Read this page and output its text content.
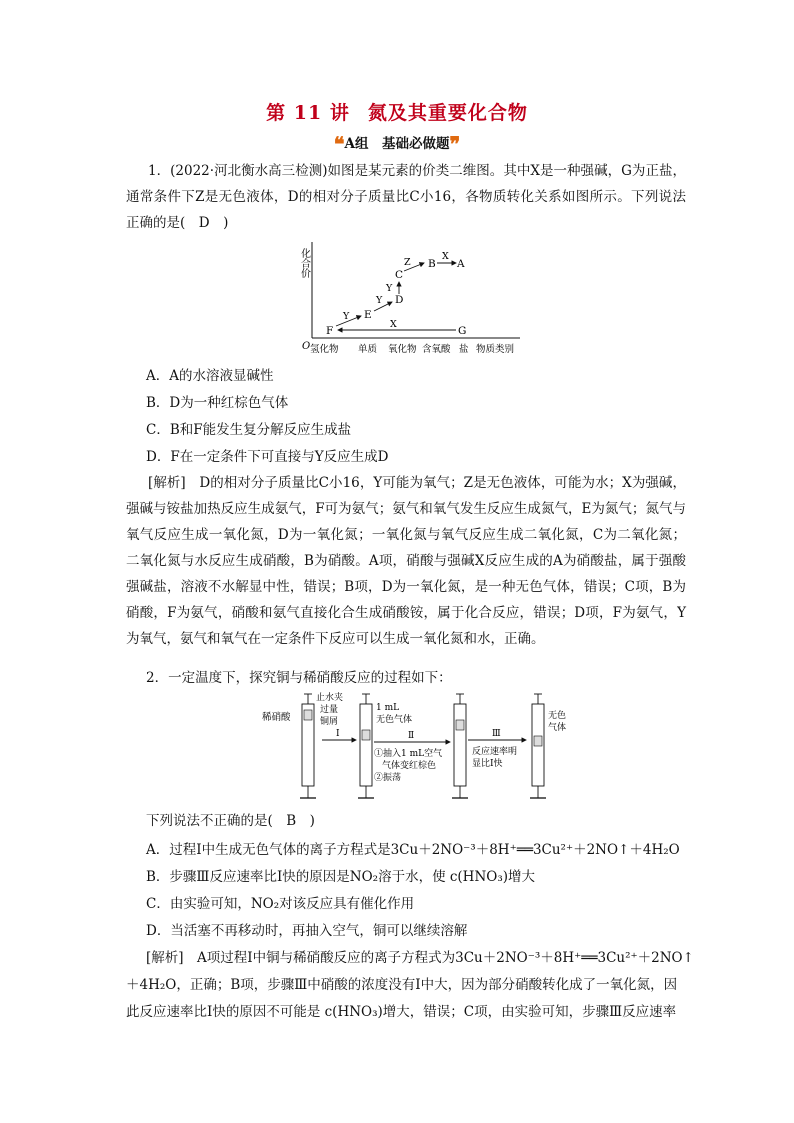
第 11 讲 氮及其重要化合物
❝A组　基础必做题❞
1．(2022·河北衡水高三检测)如图是某元素的价类二维图。其中X是一种强碱，G为正盐，通常条件下Z是无色液体，D的相对分子质量比C小16，各物质转化关系如图所示。下列说法正确的是(　D　)
化合价
O 氢化物 单质 氧化物 含氧酸 盐 物质类别
F
E
D
C
B A
G
Y
Y
Y
Z
X
X
A．A的水溶液显碱性
B．D为一种红棕色气体
C．B和F能发生复分解反应生成盐
D．F在一定条件下可直接与Y反应生成D
[解析]　D的相对分子质量比C小16，Y可能为氧气；Z是无色液体，可能为水；X为强碱，强碱与铵盐加热反应生成氨气，F可为氨气；氨气和氧气发生反应生成氮气，E为氮气；氮气与氧气反应生成一氧化氮，D为一氧化氮；一氧化氮与氧气反应生成二氧化氮，C为二氧化氮；二氧化氮与水反应生成硝酸，B为硝酸。A项，硝酸与强碱X反应生成的A为硝酸盐，属于强酸强碱盐，溶液不水解显中性，错误；B项，D为一氧化氮，是一种无色气体，错误；C项，B为硝酸，F为氨气，硝酸和氨气直接化合生成硝酸铵，属于化合反应，错误；D项，F为氨气，Y为氧气，氨气和氧气在一定条件下反应可以生成一氧化氮和水，正确。
2．一定温度下，探究铜与稀硝酸反应的过程如下：
稀硝酸
止水夹
过量
铜屑
Ⅰ
1 mL
无色气体
Ⅱ
①抽入1 mL空气
气体变红棕色
②振荡
Ⅲ
反应速率明
显比Ⅰ快
无色
气体
下列说法不正确的是(　B　)
A．过程Ⅰ中生成无色气体的离子方程式是3Cu＋2NO⁻³＋8H⁺══3Cu²⁺＋2NO↑＋4H₂O
B．步骤Ⅲ反应速率比Ⅰ快的原因是NO₂溶于水，使 c(HNO₃)增大
C．由实验可知，NO₂对该反应具有催化作用
D．当活塞不再移动时，再抽入空气，铜可以继续溶解
[解析]　A项过程Ⅰ中铜与稀硝酸反应的离子方程式为3Cu＋2NO⁻³＋8H⁺══3Cu²⁺＋2NO↑
＋4H₂O，正确；B项，步骤Ⅲ中硝酸的浓度没有Ⅰ中大，因为部分硝酸转化成了一氧化氮，因
此反应速率比Ⅰ快的原因不可能是 c(HNO₃)增大，错误；C项，由实验可知，步骤Ⅲ反应速率
